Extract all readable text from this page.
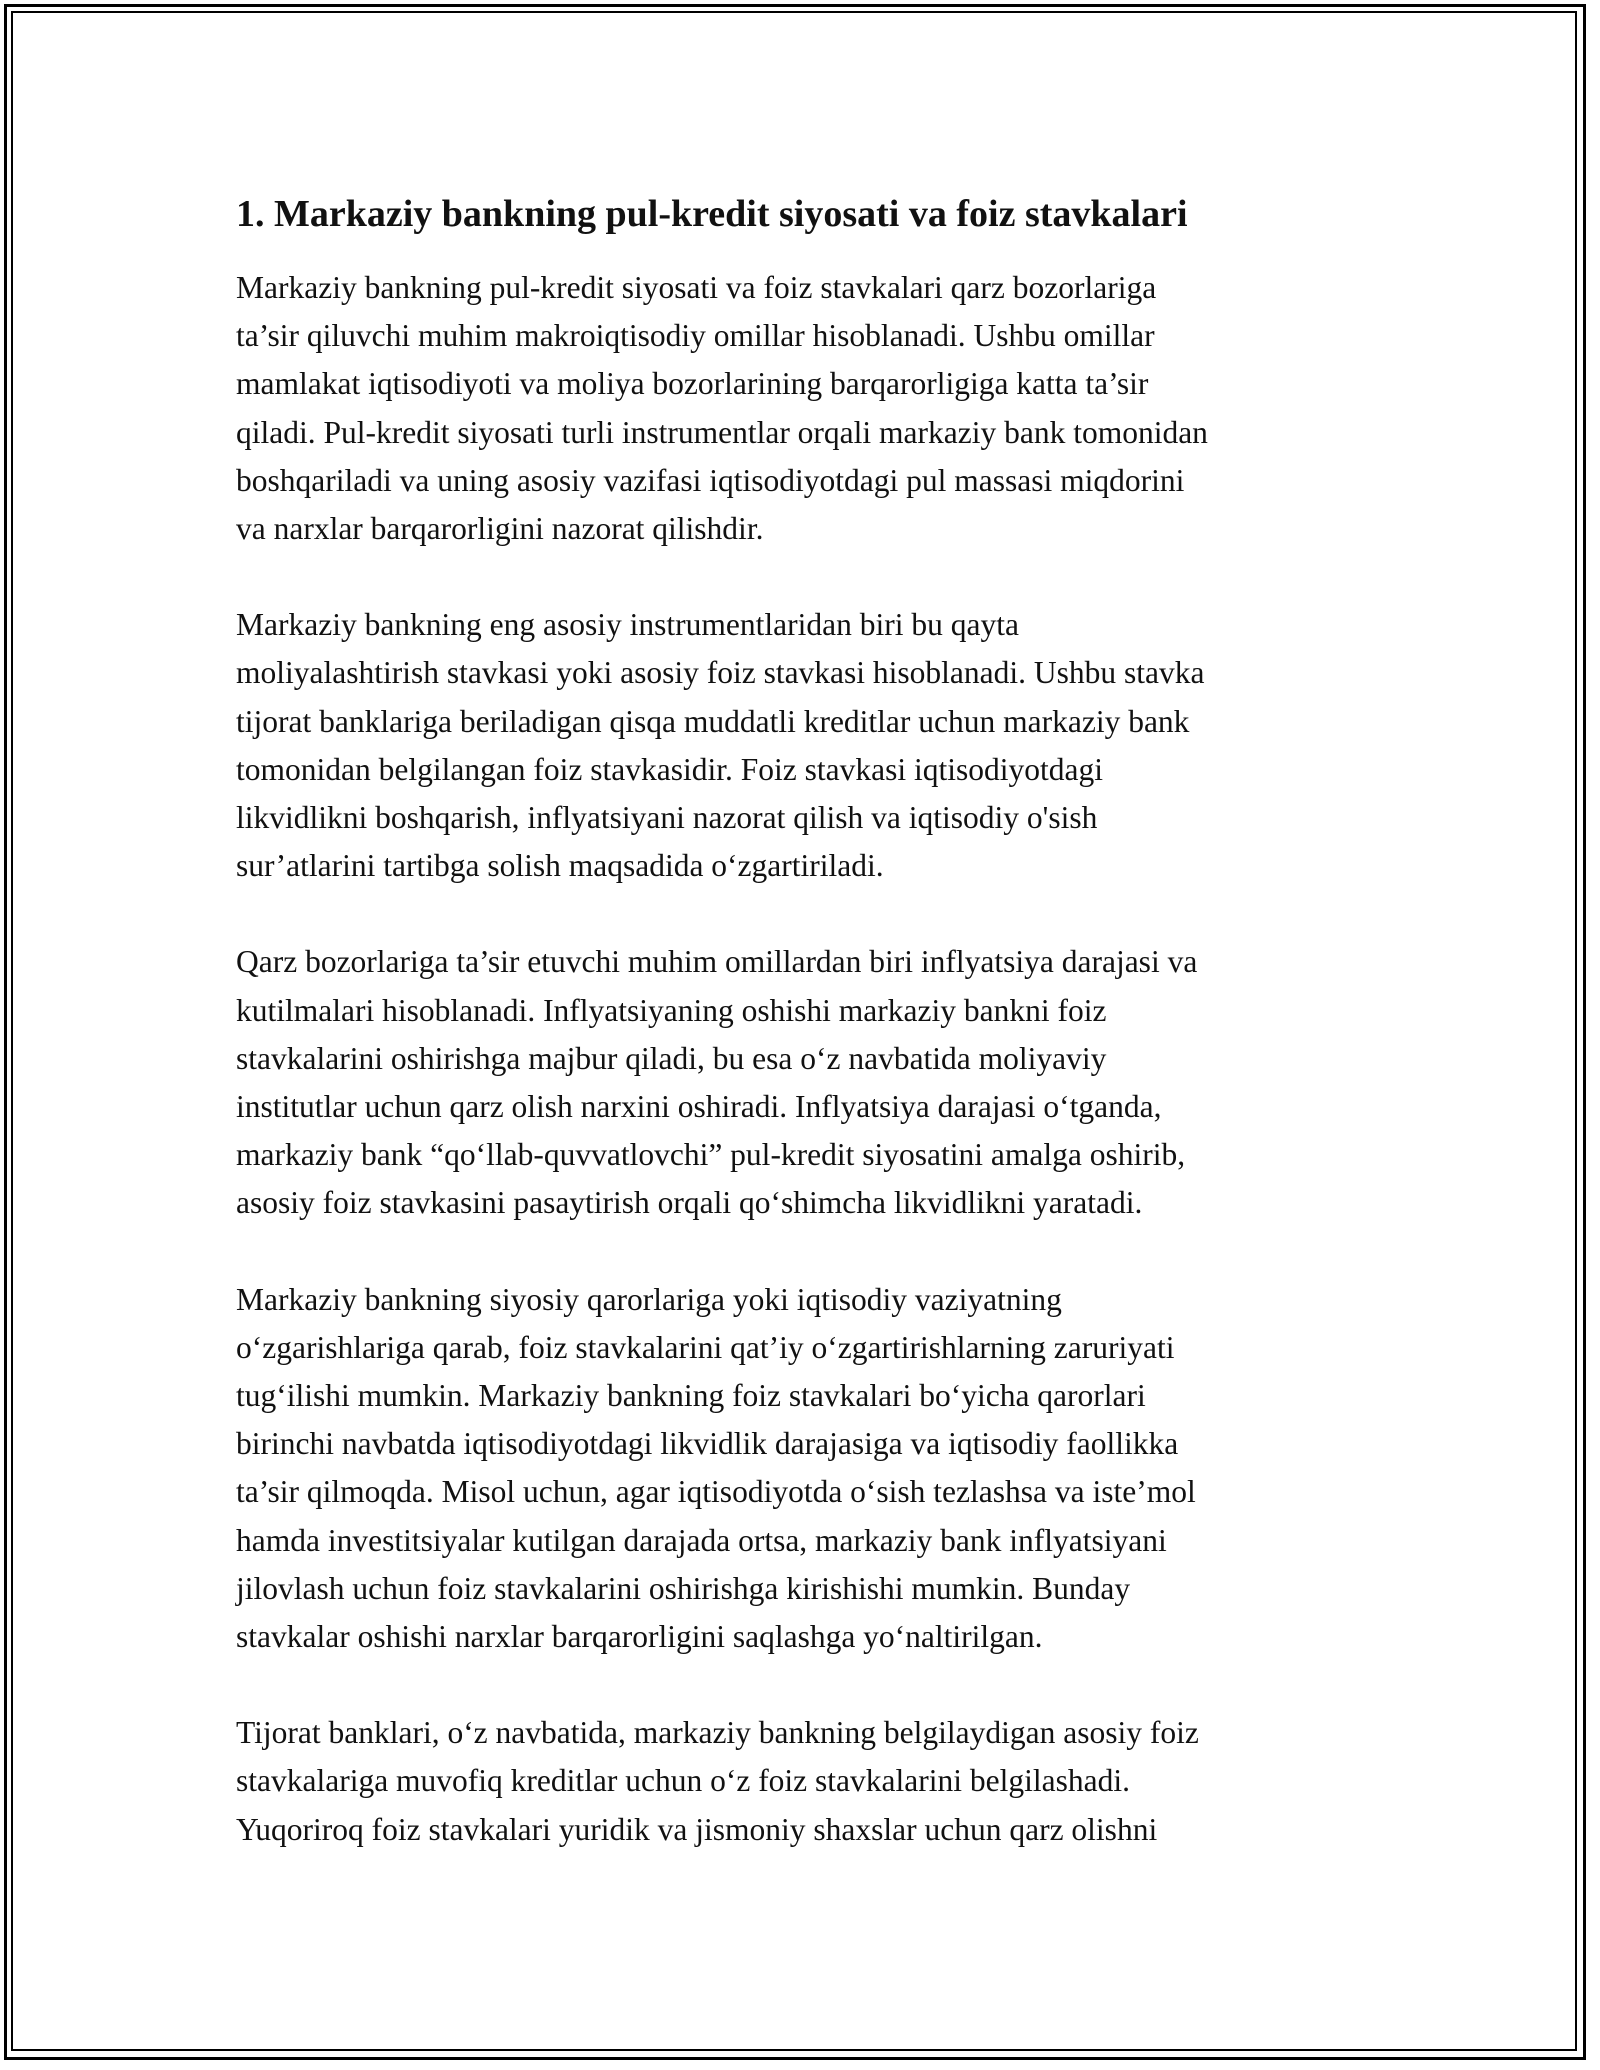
1. Markaziy bankning pul-kredit siyosati va foiz stavkalari

Markaziy bankning pul-kredit siyosati va foiz stavkalari qarz bozorlariga
ta’sir qiluvchi muhim makroiqtisodiy omillar hisoblanadi. Ushbu omillar
mamlakat iqtisodiyoti va moliya bozorlarining barqarorligiga katta ta’sir
qiladi. Pul-kredit siyosati turli instrumentlar orqali markaziy bank tomonidan
boshqariladi va uning asosiy vazifasi iqtisodiyotdagi pul massasi miqdorini
va narxlar barqarorligini nazorat qilishdir.

Markaziy bankning eng asosiy instrumentlaridan biri bu qayta
moliyalashtirish stavkasi yoki asosiy foiz stavkasi hisoblanadi. Ushbu stavka
tijorat banklariga beriladigan qisqa muddatli kreditlar uchun markaziy bank
tomonidan belgilangan foiz stavkasidir. Foiz stavkasi iqtisodiyotdagi
likvidlikni boshqarish, inflyatsiyani nazorat qilish va iqtisodiy o'sish
sur’atlarini tartibga solish maqsadida o‘zgartiriladi.

Qarz bozorlariga ta’sir etuvchi muhim omillardan biri inflyatsiya darajasi va
kutilmalari hisoblanadi. Inflyatsiyaning oshishi markaziy bankni foiz
stavkalarini oshirishga majbur qiladi, bu esa o‘z navbatida moliyaviy
institutlar uchun qarz olish narxini oshiradi. Inflyatsiya darajasi o‘tganda,
markaziy bank “qo‘llab-quvvatlovchi” pul-kredit siyosatini amalga oshirib,
asosiy foiz stavkasini pasaytirish orqali qo‘shimcha likvidlikni yaratadi.

Markaziy bankning siyosiy qarorlariga yoki iqtisodiy vaziyatning
o‘zgarishlariga qarab, foiz stavkalarini qat’iy o‘zgartirishlarning zaruriyati
tug‘ilishi mumkin. Markaziy bankning foiz stavkalari bo‘yicha qarorlari
birinchi navbatda iqtisodiyotdagi likvidlik darajasiga va iqtisodiy faollikka
ta’sir qilmoqda. Misol uchun, agar iqtisodiyotda o‘sish tezlashsa va iste’mol
hamda investitsiyalar kutilgan darajada ortsa, markaziy bank inflyatsiyani
jilovlash uchun foiz stavkalarini oshirishga kirishishi mumkin. Bunday
stavkalar oshishi narxlar barqarorligini saqlashga yo‘naltirilgan.

Tijorat banklari, o‘z navbatida, markaziy bankning belgilaydigan asosiy foiz
stavkalariga muvofiq kreditlar uchun o‘z foiz stavkalarini belgilashadi.
Yuqoriroq foiz stavkalari yuridik va jismoniy shaxslar uchun qarz olishni
